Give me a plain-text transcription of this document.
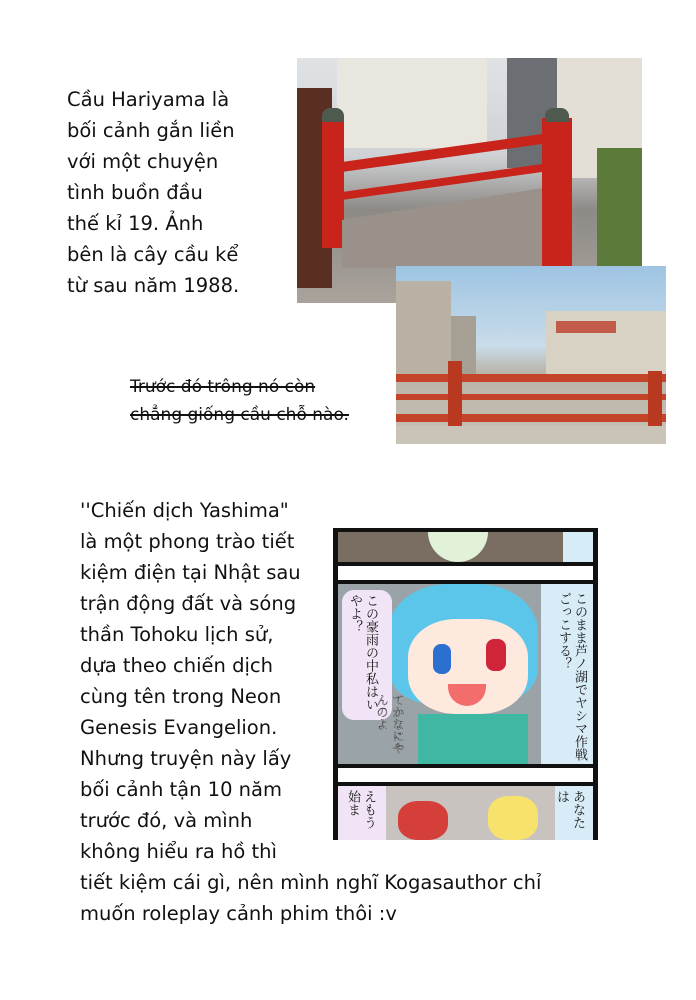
Cầu Hariyama là
bối cảnh gắn liền
với một chuyện
tình buồn đầu
thế kỉ 19. Ảnh
bên là cây cầu kể
từ sau năm 1988.
Trước đó trông nó còn
chẳng giống cầu chỗ nào.
''Chiến dịch Yashima"
là một phong trào tiết
kiệm điện tại Nhật sau
trận động đất và sóng
thần Tohoku lịch sử,
dựa theo chiến dịch
cùng tên trong Neon
Genesis Evangelion.
Nhưng truyện này lấy
bối cảnh tận 10 năm
trước đó, và mình
không hiểu ra hồ thì
tiết kiệm cái gì, nên mình nghĩ Kogasauthor chỉ
muốn roleplay cảnh phim thôi :v
この豪雨の中私はいやよ？	このまま芦ノ湖でヤシマ作戦ごっこする？
てかなにやんのよ
えもう始ま	あなたは
